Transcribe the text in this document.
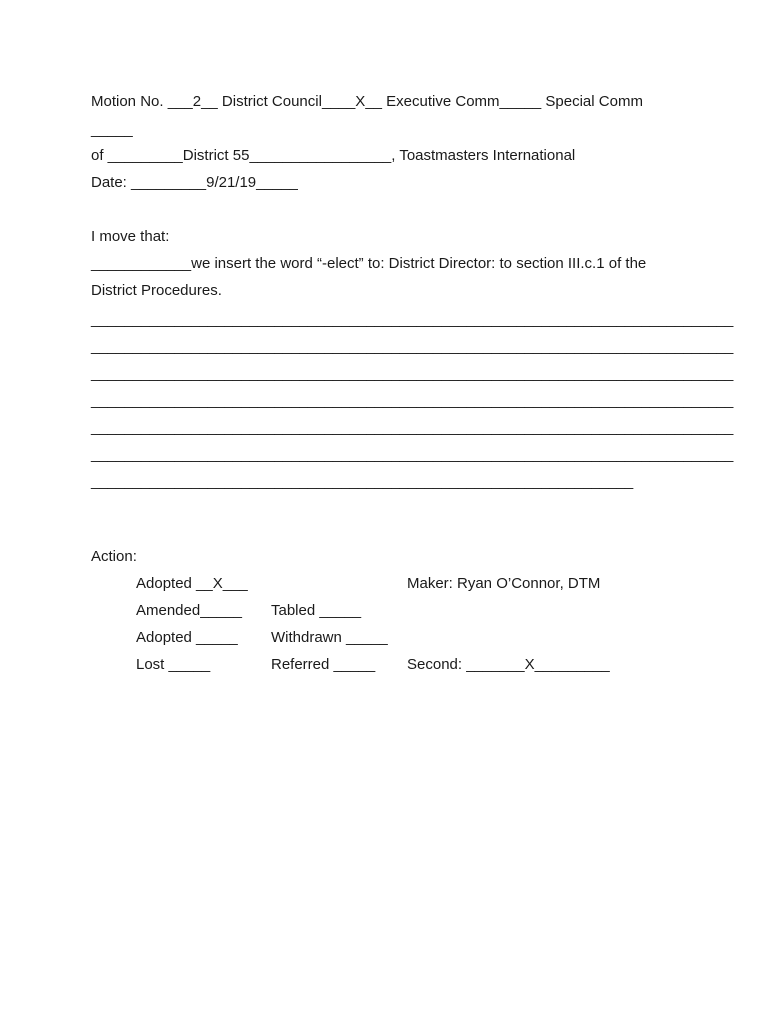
Motion No. ___2__ District Council____X__ Executive Comm_____ Special Comm
_____
of _________District 55_________________, Toastmasters International
Date: _________9/21/19_____
I move that:
____________we insert the word “-elect” to: District Director: to section III.c.1 of the
District Procedures.
_____________________________________________________________________________
_____________________________________________________________________________
_____________________________________________________________________________
_____________________________________________________________________________
_____________________________________________________________________________
_____________________________________________________________________________
_________________________________________________________________
Action:
Adopted __X___	Maker: Ryan O’Connor, DTM
Amended_____ Tabled _____
Adopted _____ Withdrawn _____
Lost _____	Referred _____ Second: _______X_________
